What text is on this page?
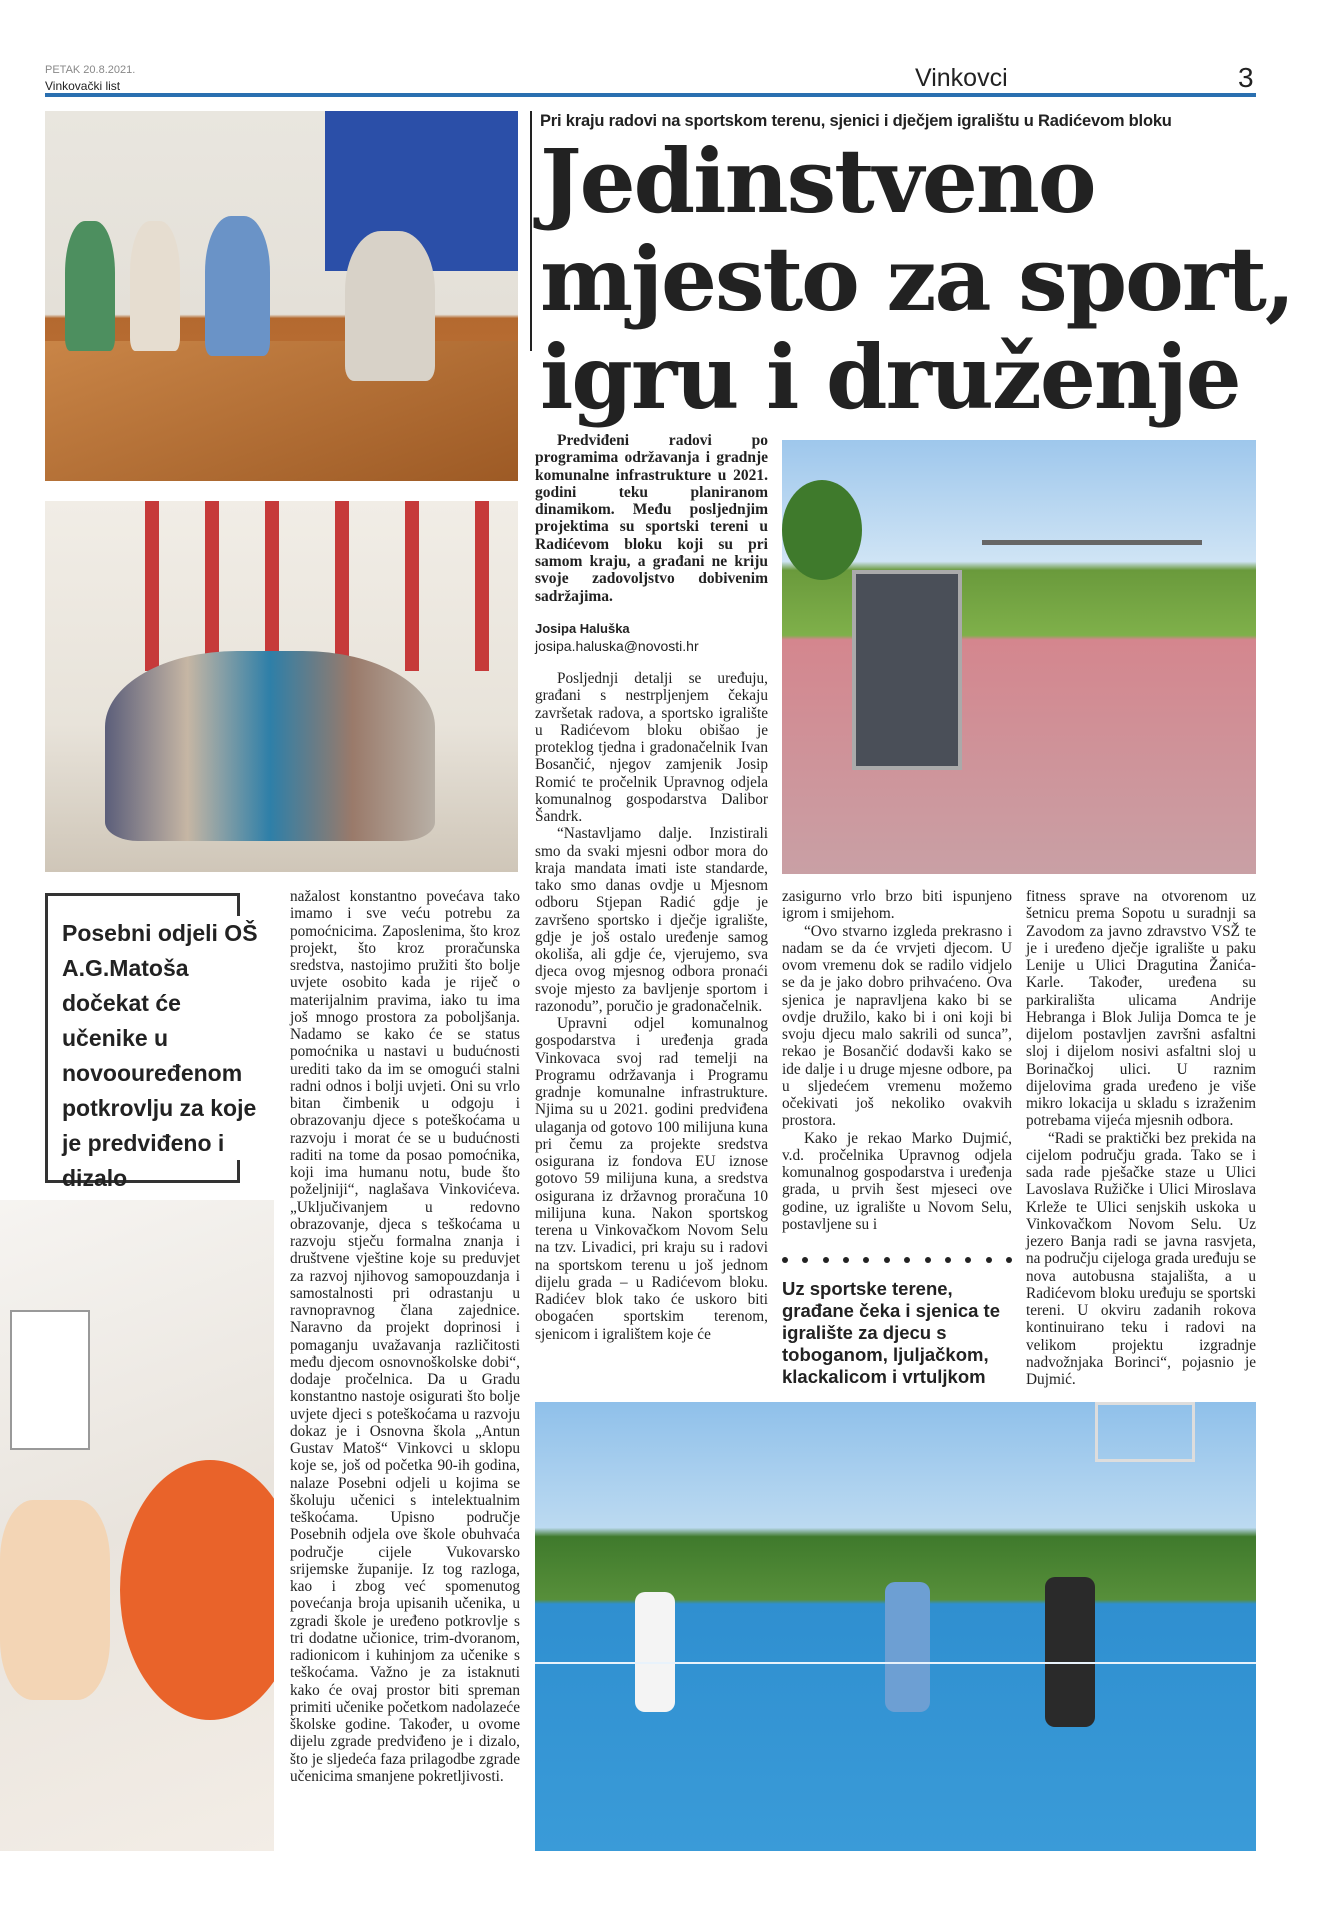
PETAK 20.8.2021.
Vinkovački list	Vinkovci	3
Posebni odjeli OŠ A.G.Matoša dočekat će učenike u novoouređenom potkrovlju za koje je predviđeno i dizalo

nažalost konstantno povećava tako imamo i sve veću potrebu za pomoćnicima. Zaposlenima, što kroz projekt, što kroz proračunska sredstva, nastojimo pružiti što bolje uvjete osobito kada je riječ o materijalnim pravima, iako tu ima još mnogo prostora za poboljšanja. Nadamo se kako će se status pomoćnika u nastavi u budućnosti urediti tako da im se omogući stalni radni odnos i bolji uvjeti. Oni su vrlo bitan čimbenik u odgoju i obrazovanju djece s poteškoćama u razvoju i morat će se u budućnosti raditi na tome da posao pomoćnika, koji ima humanu notu, bude što poželjniji“, naglašava Vinkovićeva. „Uključivanjem u redovno obrazovanje, djeca s teškoćama u razvoju stječu formalna znanja i društvene vještine koje su preduvjet za razvoj njihovog samopouzdanja i samostalnosti pri odrastanju u ravnopravnog člana zajednice. Naravno da projekt doprinosi i pomaganju uvažavanja različitosti među djecom osnovnoškolske dobi“, dodaje pročelnica. Da u Gradu konstantno nastoje osigurati što bolje uvjete djeci s poteškoćama u razvoju dokaz je i Osnovna škola „Antun Gustav Matoš“ Vinkovci u sklopu koje se, još od početka 90-ih godina, nalaze Posebni odjeli u kojima se školuju učenici s intelektualnim teškoćama. Upisno područje Posebnih odjela ove škole obuhvaća područje cijele Vukovarsko srijemske županije. Iz tog razloga, kao i zbog već spomenutog povećanja broja upisanih učenika, u zgradi škole je uređeno potkrovlje s tri dodatne učionice, trim-dvoranom, radionicom i kuhinjom za učenike s teškoćama. Važno je za istaknuti kako će ovaj prostor biti spreman primiti učenike početkom nadolazeće školske godine. Također, u ovome dijelu zgrade predviđeno je i dizalo, što je sljedeća faza prilagodbe zgrade učenicima smanjene pokretljivosti.

Pri kraju radovi na sportskom terenu, sjenici i dječjem igralištu u Radićevom bloku
Jedinstveno
mjesto za sport,
igru i druženje
Predviđeni radovi po programima održavanja i gradnje komunalne infrastrukture u 2021. godini teku planiranom dinamikom. Među posljednjim projektima su sportski tereni u Radićevom bloku koji su pri samom kraju, a građani ne kriju svoje zadovoljstvo dobivenim sadržajima.
Josipa Haluška
josipa.haluska@novosti.hr

Posljednji detalji se uređuju, građani s nestrpljenjem čekaju završetak radova, a sportsko igralište u Radićevom bloku obišao je proteklog tjedna i gradonačelnik Ivan Bosančić, njegov zamjenik Josip Romić te pročelnik Upravnog odjela komunalnog gospodarstva Dalibor Šandrk.

“Nastavljamo dalje. Inzistirali smo da svaki mjesni odbor mora do kraja mandata imati iste standarde, tako smo danas ovdje u Mjesnom odboru Stjepan Radić gdje je završeno sportsko i dječje igralište, gdje je još ostalo uređenje samog okoliša, ali gdje će, vjerujemo, sva djeca ovog mjesnog odbora pronaći svoje mjesto za bavljenje sportom i razonodu”, poručio je gradonačelnik.

Upravni odjel komunalnog gospodarstva i uređenja grada Vinkovaca svoj rad temelji na Programu održavanja i Programu gradnje komunalne infrastrukture. Njima su u 2021. godini predviđena ulaganja od gotovo 100 milijuna kuna pri čemu za projekte sredstva osigurana iz fondova EU iznose gotovo 59 milijuna kuna, a sredstva osigurana iz državnog proračuna 10 milijuna kuna. Nakon sportskog terena u Vinkovačkom Novom Selu na tzv. Livadici, pri kraju su i radovi na sportskom terenu u još jednom dijelu grada – u Radićevom bloku. Radićev blok tako će uskoro biti obogaćen sportskim terenom, sjenicom i igralištem koje će

zasigurno vrlo brzo biti ispunjeno igrom i smijehom.

“Ovo stvarno izgleda prekrasno i nadam se da će vrvjeti djecom. U ovom vremenu dok se radilo vidjelo se da je jako dobro prihvaćeno. Ova sjenica je napravljena kako bi se ovdje družilo, kako bi i oni koji bi svoju djecu malo sakrili od sunca”, rekao je Bosančić dodavši kako se ide dalje i u druge mjesne odbore, pa u sljedećem vremenu možemo očekivati još nekoliko ovakvih prostora.

Kako je rekao Marko Dujmić, v.d. pročelnika Upravnog odjela komunalnog gospodarstva i uređenja grada, u prvih šest mjeseci ove godine, uz igralište u Novom Selu, postavljene su i

Uz sportske terene, građane čeka i sjenica te igralište za djecu s toboganom, ljuljačkom, klackalicom i vrtuljkom

fitness sprave na otvorenom uz šetnicu prema Sopotu u suradnji sa Zavodom za javno zdravstvo VSŽ te je i uređeno dječje igralište u paku Lenije u Ulici Dragutina Žanića-Karle. Također, uređena su parkirališta ulicama Andrije Hebranga i Blok Julija Domca te je dijelom postavljen završni asfaltni sloj i dijelom nosivi asfaltni sloj u Borinačkoj ulici. U raznim dijelovima grada uređeno je više mikro lokacija u skladu s izraženim potrebama vijeća mjesnih odbora.

“Radi se praktički bez prekida na cijelom području grada. Tako se i sada rade pješačke staze u Ulici Lavoslava Ružičke i Ulici Miroslava Krleže te Ulici senjskih uskoka u Vinkovačkom Novom Selu. Uz jezero Banja radi se javna rasvjeta, na području cijeloga grada uređuju se nova autobusna stajališta, a u Radićevom bloku uređuju se sportski tereni. U okviru zadanih rokova kontinuirano teku i radovi na velikom projektu izgradnje nadvožnjaka Borinci“, pojasnio je Dujmić.
